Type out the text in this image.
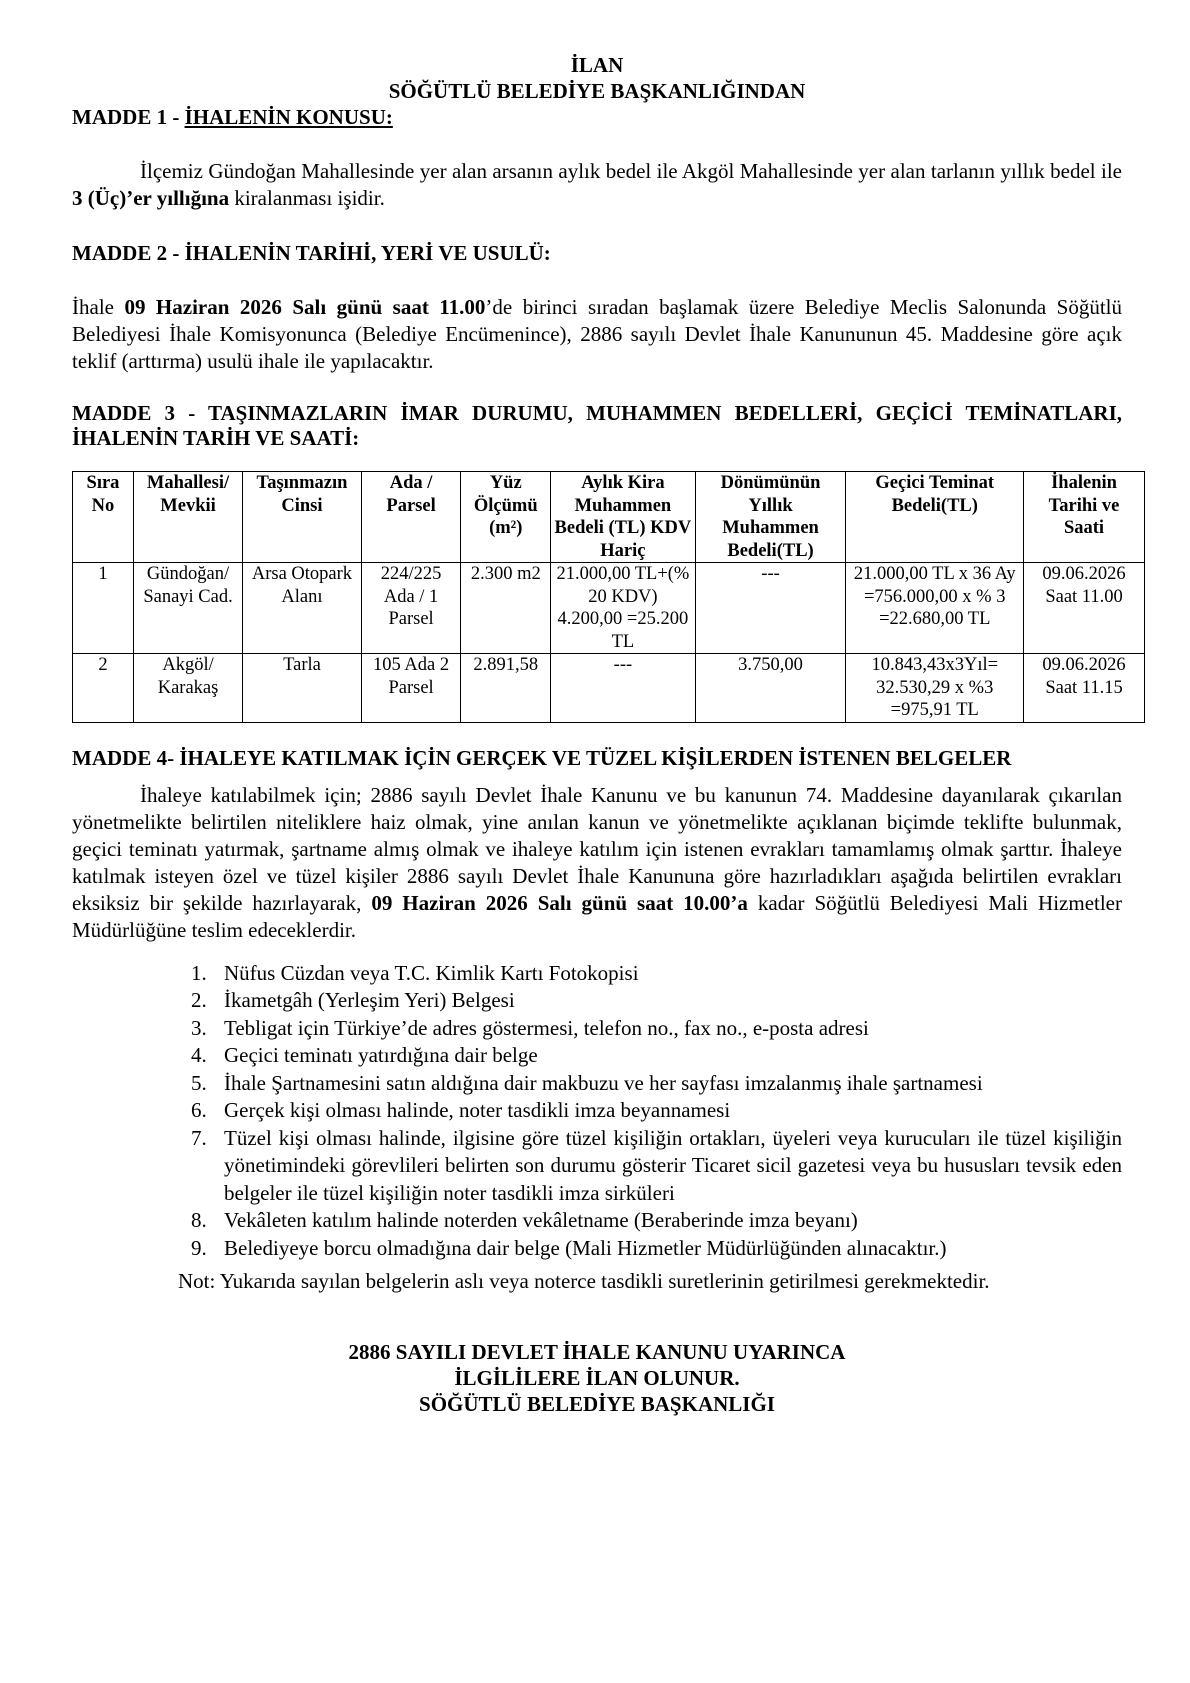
İLAN
SÖĞÜTLÜ BELEDİYE BAŞKANLIĞINDAN
MADDE 1 - İHALENİN KONUSU:

İlçemiz Gündoğan Mahallesinde yer alan arsanın aylık bedel ile Akgöl Mahallesinde yer alan tarlanın yıllık bedel ile 3 (Üç)’er yıllığına kiralanması işidir.

MADDE 2 - İHALENİN TARİHİ, YERİ VE USULÜ:

İhale 09 Haziran 2026 Salı günü saat 11.00’de birinci sıradan başlamak üzere Belediye Meclis Salonunda Söğütlü Belediyesi İhale Komisyonunca (Belediye Encümenince), 2886 sayılı Devlet İhale Kanununun 45. Maddesine göre açık teklif (arttırma) usulü ihale ile yapılacaktır.

MADDE 3 - TAŞINMAZLARIN İMAR DURUMU, MUHAMMEN BEDELLERİ, GEÇİCİ TEMİNATLARI, İHALENİN TARİH VE SAATİ:
Sıra No	Mahallesi/ Mevkii	Taşınmazın Cinsi	Ada / Parsel	Yüz Ölçümü (m²)	Aylık Kira Muhammen Bedeli (TL) KDV Hariç	Dönümünün Yıllık Muhammen Bedeli(TL)	Geçici Teminat Bedeli(TL)	İhalenin Tarihi ve Saati
1	Gündoğan/ Sanayi Cad.	Arsa Otopark Alanı	224/225 Ada / 1 Parsel	2.300 m2	21.000,00 TL+(% 20 KDV) 4.200,00 =25.200 TL	---	21.000,00 TL x 36 Ay =756.000,00 x % 3 =22.680,00 TL	09.06.2026 Saat 11.00
2	Akgöl/ Karakaş	Tarla	105 Ada 2 Parsel	2.891,58	---	3.750,00	10.843,43x3Yıl= 32.530,29 x %3 =975,91 TL	09.06.2026 Saat 11.15
MADDE 4- İHALEYE KATILMAK İÇİN GERÇEK VE TÜZEL KİŞİLERDEN İSTENEN BELGELER

İhaleye katılabilmek için; 2886 sayılı Devlet İhale Kanunu ve bu kanunun 74. Maddesine dayanılarak çıkarılan yönetmelikte belirtilen niteliklere haiz olmak, yine anılan kanun ve yönetmelikte açıklanan biçimde teklifte bulunmak, geçici teminatı yatırmak, şartname almış olmak ve ihaleye katılım için istenen evrakları tamamlamış olmak şarttır. İhaleye katılmak isteyen özel ve tüzel kişiler 2886 sayılı Devlet İhale Kanununa göre hazırladıkları aşağıda belirtilen evrakları eksiksiz bir şekilde hazırlayarak, 09 Haziran 2026 Salı günü saat 10.00’a kadar Söğütlü Belediyesi Mali Hizmetler Müdürlüğüne teslim edeceklerdir.

1. Nüfus Cüzdan veya T.C. Kimlik Kartı Fotokopisi
2. İkametgâh (Yerleşim Yeri) Belgesi
3. Tebligat için Türkiye’de adres göstermesi, telefon no., fax no., e-posta adresi
4. Geçici teminatı yatırdığına dair belge
5. İhale Şartnamesini satın aldığına dair makbuzu ve her sayfası imzalanmış ihale şartnamesi
6. Gerçek kişi olması halinde, noter tasdikli imza beyannamesi
7. Tüzel kişi olması halinde, ilgisine göre tüzel kişiliğin ortakları, üyeleri veya kurucuları ile tüzel kişiliğin yönetimindeki görevlileri belirten son durumu gösterir Ticaret sicil gazetesi veya bu hususları tevsik eden belgeler ile tüzel kişiliğin noter tasdikli imza sirküleri
8. Vekâleten katılım halinde noterden vekâletname (Beraberinde imza beyanı)
9. Belediyeye borcu olmadığına dair belge (Mali Hizmetler Müdürlüğünden alınacaktır.)
Not: Yukarıda sayılan belgelerin aslı veya noterce tasdikli suretlerinin getirilmesi gerekmektedir.
2886 SAYILI DEVLET İHALE KANUNU UYARINCA
İLGİLİLERE İLAN OLUNUR.
SÖĞÜTLÜ BELEDİYE BAŞKANLIĞI
